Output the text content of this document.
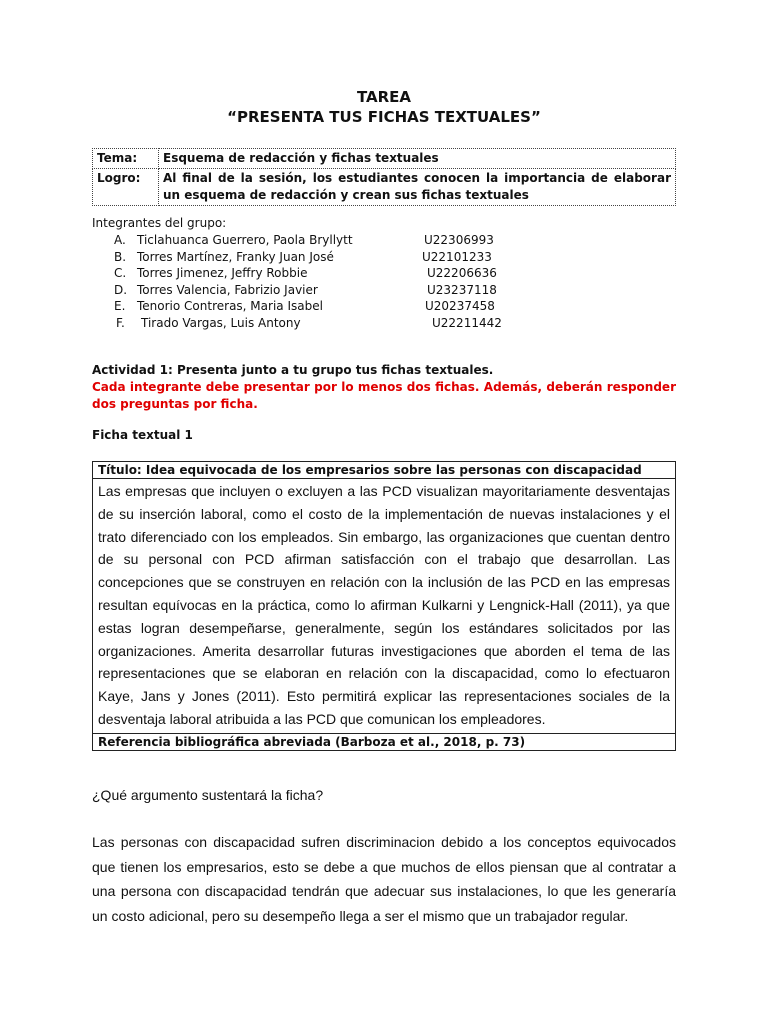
TAREA
“PRESENTA TUS FICHAS TEXTUALES”
Tema:	Esquema de redacción y fichas textuales
Logro:	Al final de la sesión, los estudiantes conocen la importancia de elaborar un esquema de redacción y crean sus fichas textuales
Integrantes del grupo:
A. Ticlahuanca Guerrero, Paola Bryllytt	U22306993
B. Torres Martínez, Franky Juan José	U22101233
C. Torres Jimenez, Jeffry Robbie	U22206636
D. Torres Valencia, Fabrizio Javier	U23237118
E. Tenorio Contreras, Maria Isabel	U20237458
F. Tirado Vargas, Luis Antony	U22211442
Actividad 1: Presenta junto a tu grupo tus fichas textuales.
Cada integrante debe presentar por lo menos dos fichas. Además, deberán responder dos preguntas por ficha.
Ficha textual 1
Título: Idea equivocada de los empresarios sobre las personas con discapacidad
Las empresas que incluyen o excluyen a las PCD visualizan mayoritariamente desventajas de su inserción laboral, como el costo de la implementación de nuevas instalaciones y el trato diferenciado con los empleados. Sin embargo, las organizaciones que cuentan dentro de su personal con PCD afirman satisfacción con el trabajo que desarrollan. Las concepciones que se construyen en relación con la inclusión de las PCD en las empresas resultan equívocas en la práctica, como lo afirman Kulkarni y Lengnick-Hall (2011), ya que estas logran desempeñarse, generalmente, según los estándares solicitados por las organizaciones. Amerita desarrollar futuras investigaciones que aborden el tema de las representaciones que se elaboran en relación con la discapacidad, como lo efectuaron Kaye, Jans y Jones (2011). Esto permitirá explicar las representaciones sociales de la desventaja laboral atribuida a las PCD que comunican los empleadores.
Referencia bibliográfica abreviada (Barboza et al., 2018, p. 73)
¿Qué argumento sustentará la ficha?
Las personas con discapacidad sufren discriminacion debido a los conceptos equivocados que tienen los empresarios, esto se debe a que muchos de ellos piensan que al contratar a una persona con discapacidad tendrán que adecuar sus instalaciones, lo que les generaría un costo adicional, pero su desempeño llega a ser el mismo que un trabajador regular.
